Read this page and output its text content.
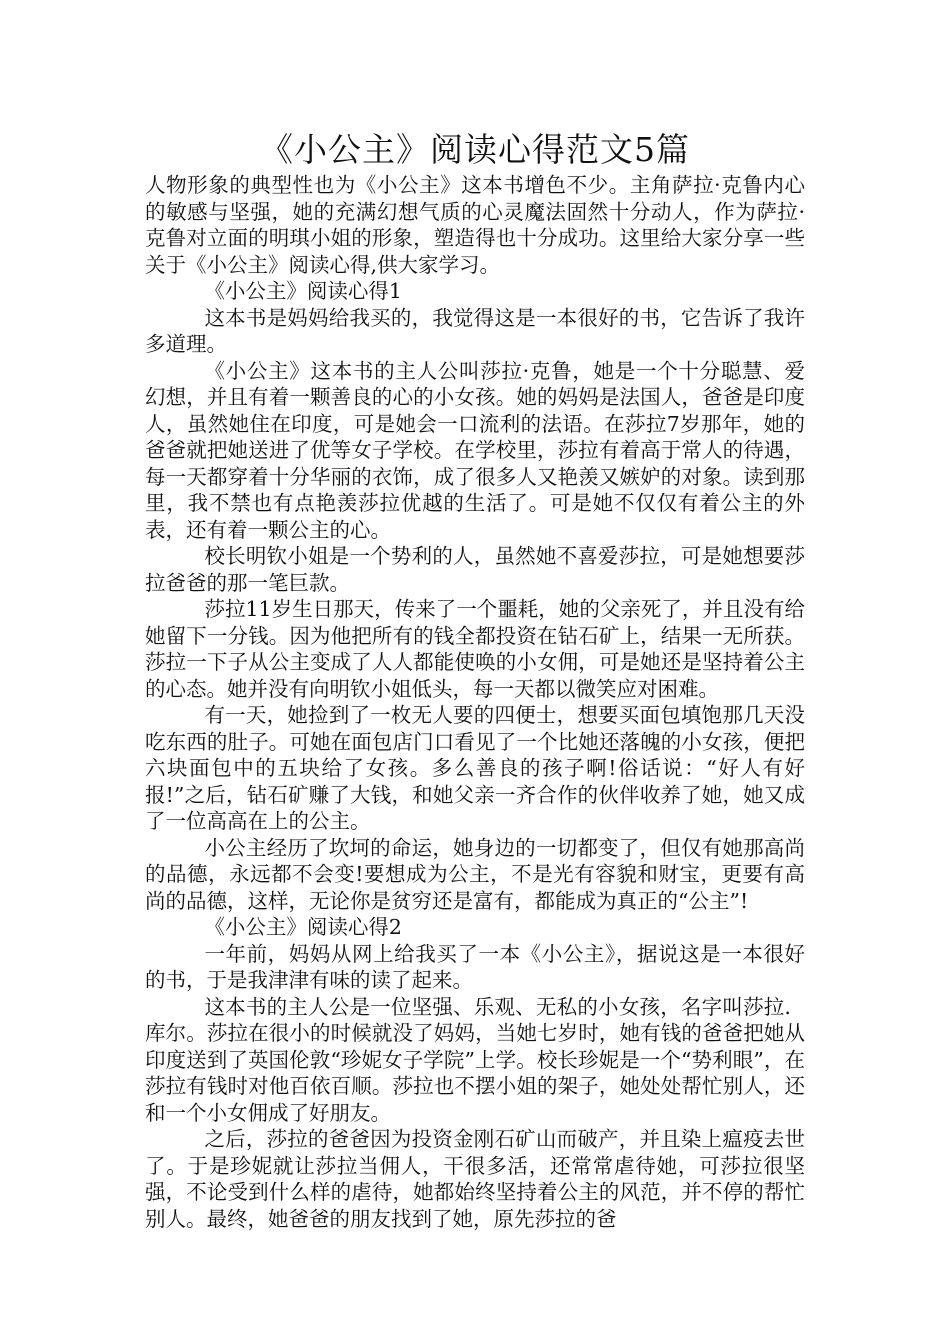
《小公主》阅读心得范文5篇

人物形象的典型性也为《小公主》这本书增色不少。主角萨拉·克鲁内心的敏感与坚强，她的充满幻想气质的心灵魔法固然十分动人，作为萨拉·克鲁对立面的明琪小姐的形象，塑造得也十分成功。这里给大家分享一些关于《小公主》阅读心得,供大家学习。

《小公主》阅读心得1

这本书是妈妈给我买的，我觉得这是一本很好的书，它告诉了我许多道理。

《小公主》这本书的主人公叫莎拉·克鲁，她是一个十分聪慧、爱幻想，并且有着一颗善良的心的小女孩。她的妈妈是法国人，爸爸是印度人，虽然她住在印度，可是她会一口流利的法语。在莎拉7岁那年，她的爸爸就把她送进了优等女子学校。在学校里，莎拉有着高于常人的待遇，每一天都穿着十分华丽的衣饰，成了很多人又艳羡又嫉妒的对象。读到那里，我不禁也有点艳羡莎拉优越的生活了。可是她不仅仅有着公主的外表，还有着一颗公主的心。

校长明钦小姐是一个势利的人，虽然她不喜爱莎拉，可是她想要莎拉爸爸的那一笔巨款。

莎拉11岁生日那天，传来了一个噩耗，她的父亲死了，并且没有给她留下一分钱。因为他把所有的钱全都投资在钻石矿上，结果一无所获。莎拉一下子从公主变成了人人都能使唤的小女佣，可是她还是坚持着公主的心态。她并没有向明钦小姐低头，每一天都以微笑应对困难。

有一天，她捡到了一枚无人要的四便士，想要买面包填饱那几天没吃东西的肚子。可她在面包店门口看见了一个比她还落魄的小女孩，便把六块面包中的五块给了女孩。多么善良的孩子啊!俗话说：“好人有好报!”之后，钻石矿赚了大钱，和她父亲一齐合作的伙伴收养了她，她又成了一位高高在上的公主。

小公主经历了坎坷的命运，她身边的一切都变了，但仅有她那高尚的品德，永远都不会变!要想成为公主，不是光有容貌和财宝，更要有高尚的品德，这样，无论你是贫穷还是富有，都能成为真正的“公主”!

《小公主》阅读心得2

一年前，妈妈从网上给我买了一本《小公主》，据说这是一本很好的书，于是我津津有味的读了起来。

这本书的主人公是一位坚强、乐观、无私的小女孩，名字叫莎拉．库尔。莎拉在很小的时候就没了妈妈，当她七岁时，她有钱的爸爸把她从印度送到了英国伦敦“珍妮女子学院”上学。校长珍妮是一个“势利眼”，在莎拉有钱时对他百依百顺。莎拉也不摆小姐的架子，她处处帮忙别人，还和一个小女佣成了好朋友。

之后，莎拉的爸爸因为投资金刚石矿山而破产，并且染上瘟疫去世了。于是珍妮就让莎拉当佣人，干很多活，还常常虐待她，可莎拉很坚强，不论受到什么样的虐待，她都始终坚持着公主的风范，并不停的帮忙别人。最终，她爸爸的朋友找到了她，原先莎拉的爸
